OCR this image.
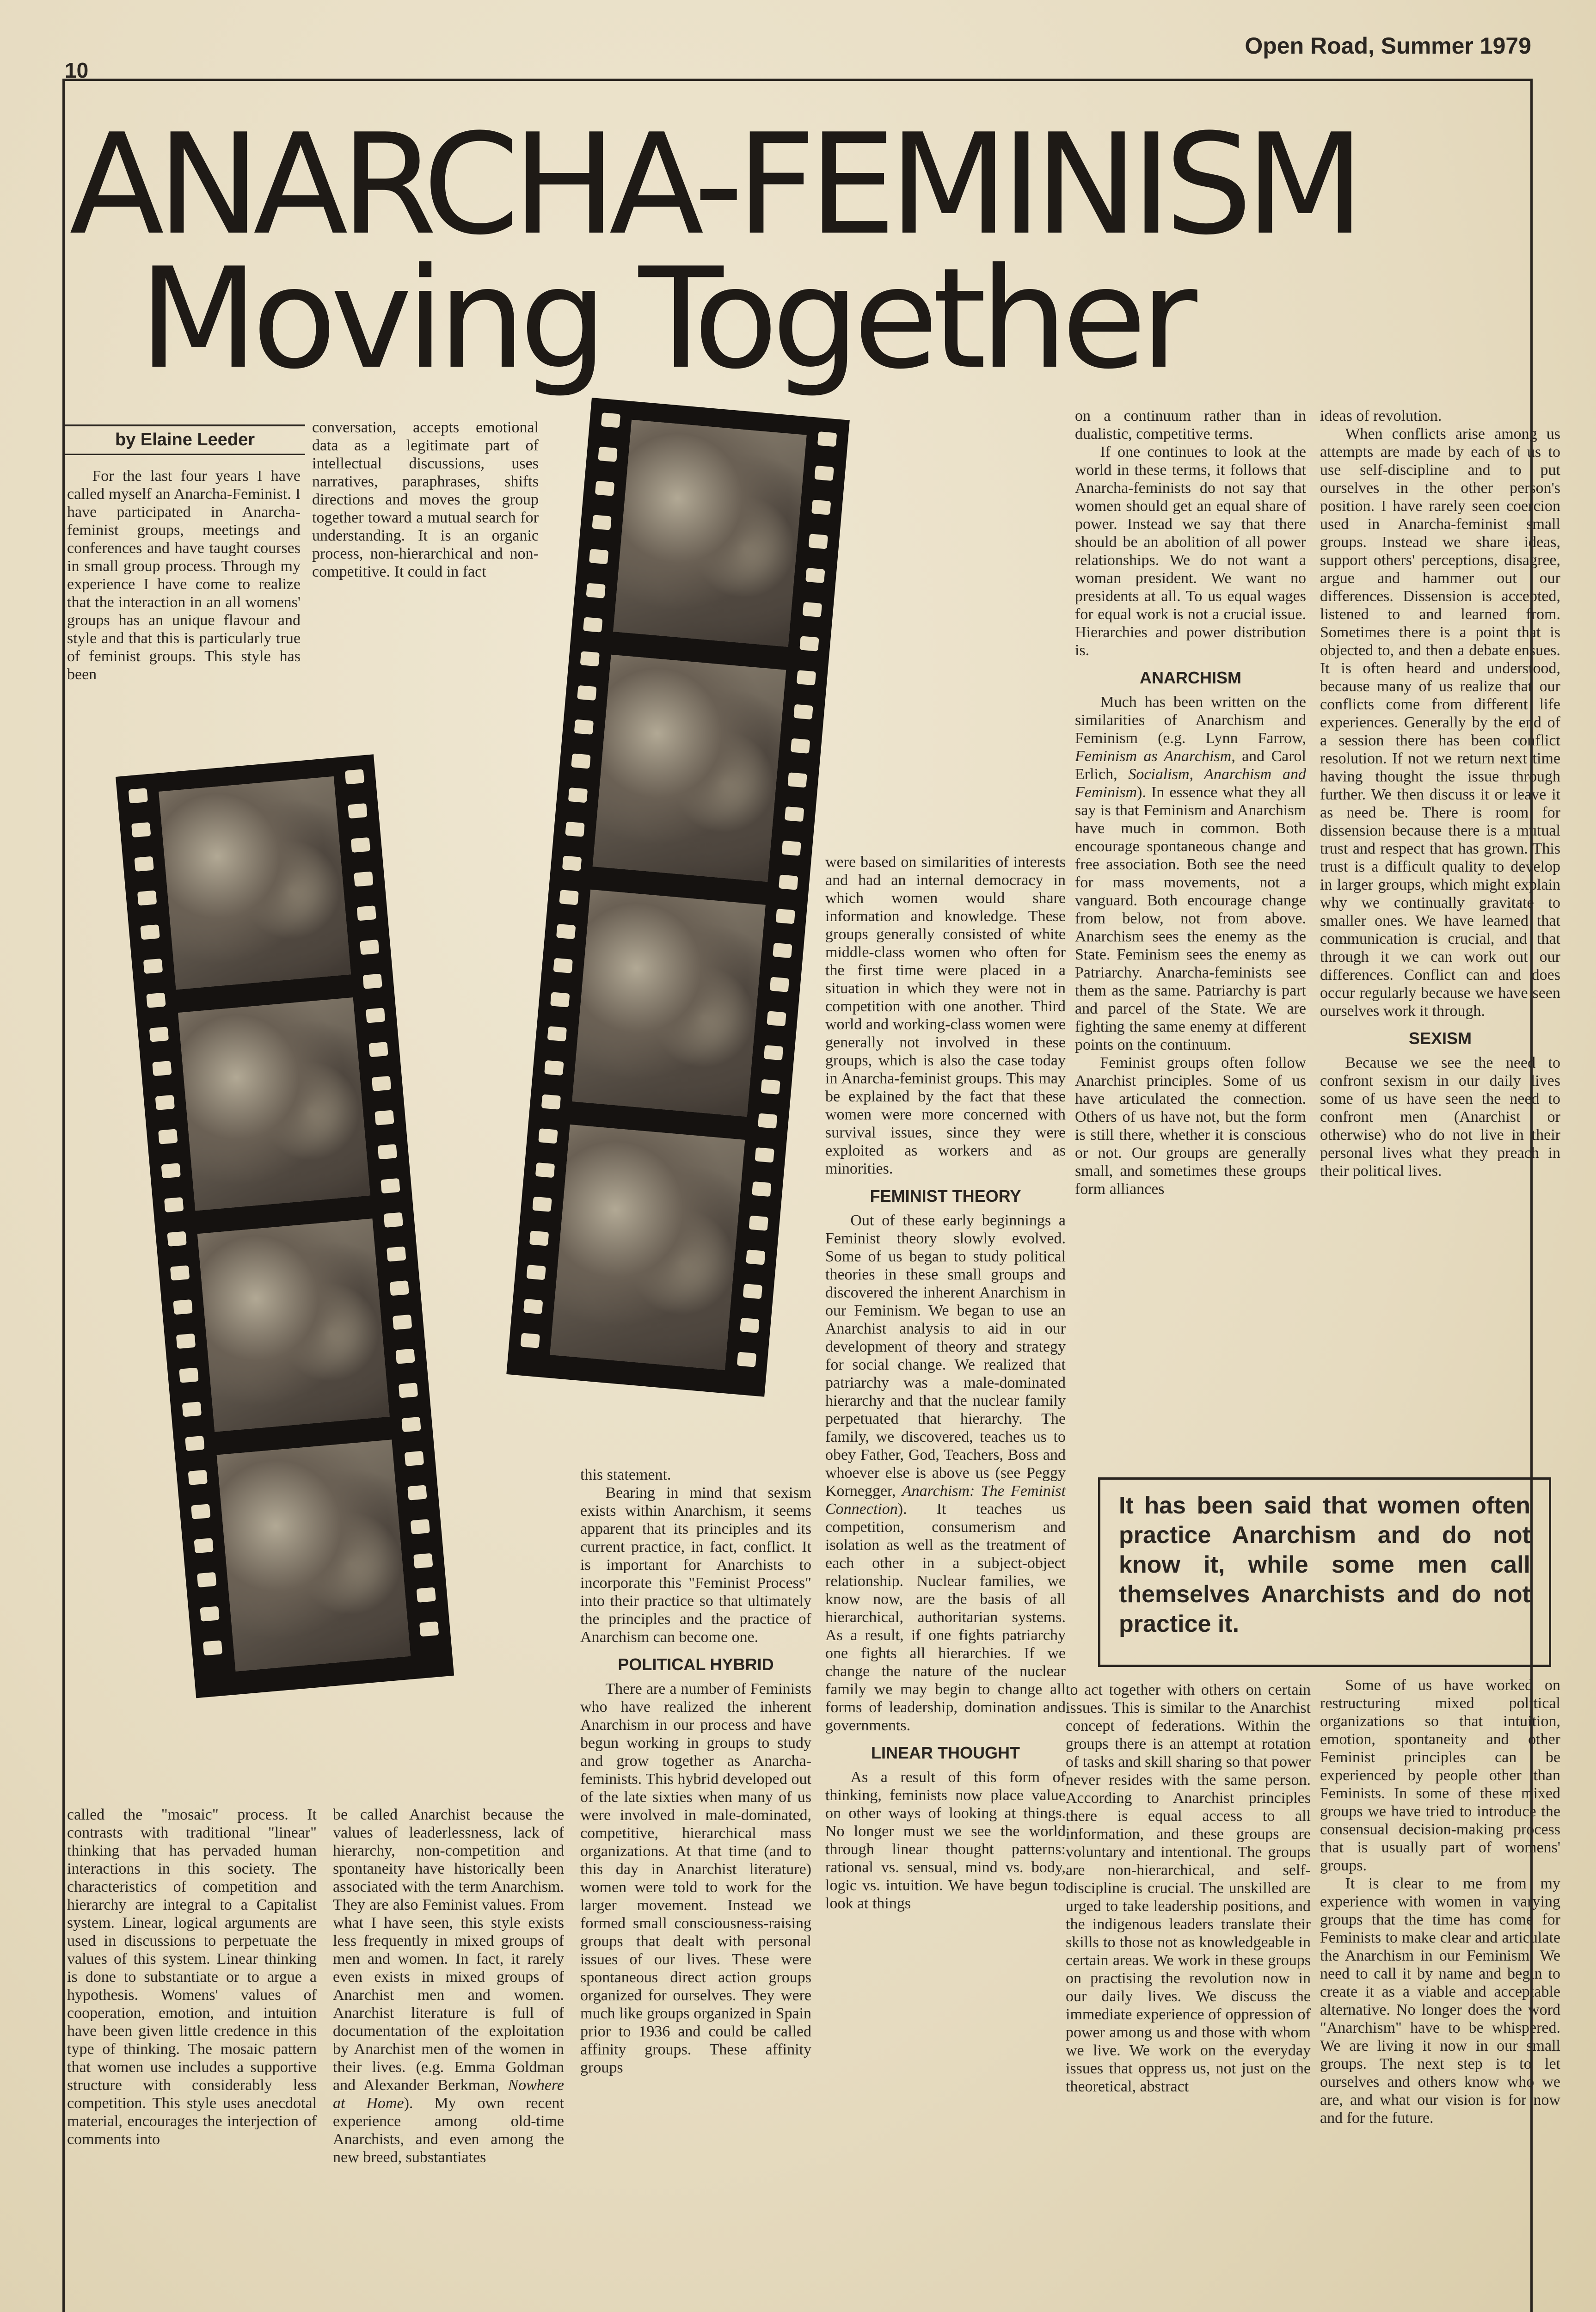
10
Open Road, Summer 1979
ANARCHA-FEMINISM
Moving Together
by Elaine Leeder

For the last four years I have called myself an Anarcha-Feminist. I have participated in Anarcha-feminist groups, meetings and conferences and have taught courses in small group process. Through my experience I have come to realize that the interaction in an all womens' groups has an unique flavour and style and that this is particularly true of feminist groups. This style has been

conversation, accepts emotional data as a legitimate part of intellectual discussions, uses narratives, paraphrases, shifts directions and moves the group together toward a mutual search for understanding. It is an organic process, non-hierarchical and non-competitive. It could in fact

called the "mosaic" process. It contrasts with traditional "linear" thinking that has pervaded human interactions in this society. The characteristics of competition and hierarchy are integral to a Capitalist system. Linear, logical arguments are used in discussions to perpetuate the values of this system. Linear thinking is done to substantiate or to argue a hypothesis. Womens' values of cooperation, emotion, and intuition have been given little credence in this type of thinking. The mosaic pattern that women use includes a supportive structure with considerably less competition. This style uses anecdotal material, encourages the interjection of comments into

be called Anarchist because the values of leaderlessness, lack of hierarchy, non-competition and spontaneity have historically been associated with the term Anarchism. They are also Feminist values. From what I have seen, this style exists less frequently in mixed groups of men and women. In fact, it rarely even exists in mixed groups of Anarchist men and women. Anarchist literature is full of documentation of the exploitation by Anarchist men of the women in their lives. (e.g. Emma Goldman and Alexander Berkman, Nowhere at Home). My own recent experience among old-time Anarchists, and even among the new breed, substantiates

this statement.

Bearing in mind that sexism exists within Anarchism, it seems apparent that its principles and its current practice, in fact, conflict. It is important for Anarchists to incorporate this "Feminist Process" into their practice so that ultimately the principles and the practice of Anarchism can become one.

POLITICAL HYBRID

There are a number of Feminists who have realized the inherent Anarchism in our process and have begun working in groups to study and grow together as Anarcha-feminists. This hybrid developed out of the late sixties when many of us were involved in male-dominated, competitive, hierarchical mass organizations. At that time (and to this day in Anarchist literature) women were told to work for the larger movement. Instead we formed small consciousness-raising groups that dealt with personal issues of our lives. These were spontaneous direct action groups organized for ourselves. They were much like groups organized in Spain prior to 1936 and could be called affinity groups. These affinity groups

were based on similarities of interests and had an internal democracy in which women would share information and knowledge. These groups generally consisted of white middle-class women who often for the first time were placed in a situation in which they were not in competition with one another. Third world and working-class women were generally not involved in these groups, which is also the case today in Anarcha-feminist groups. This may be explained by the fact that these women were more concerned with survival issues, since they were exploited as workers and as minorities.

FEMINIST THEORY

Out of these early beginnings a Feminist theory slowly evolved. Some of us began to study political theories in these small groups and discovered the inherent Anarchism in our Feminism. We began to use an Anarchist analysis to aid in our development of theory and strategy for social change. We realized that patriarchy was a male-dominated hierarchy and that the nuclear family perpetuated that hierarchy. The family, we discovered, teaches us to obey Father, God, Teachers, Boss and whoever else is above us (see Peggy Kornegger, Anarchism: The Feminist Connection). It teaches us competition, consumerism and isolation as well as the treatment of each other in a subject-object relationship. Nuclear families, we know now, are the basis of all hierarchical, authoritarian systems. As a result, if one fights patriarchy one fights all hierarchies. If we change the nature of the nuclear family we may begin to change all forms of leadership, domination and governments.

LINEAR THOUGHT

As a result of this form of thinking, feminists now place value on other ways of looking at things. No longer must we see the world through linear thought patterns: rational vs. sensual, mind vs. body, logic vs. intuition. We have begun to look at things

on a continuum rather than in dualistic, competitive terms.

If one continues to look at the world in these terms, it follows that Anarcha-feminists do not say that women should get an equal share of power. Instead we say that there should be an abolition of all power relationships. We do not want a woman president. We want no presidents at all. To us equal wages for equal work is not a crucial issue. Hierarchies and power distribution is.

ANARCHISM

Much has been written on the similarities of Anarchism and Feminism (e.g. Lynn Farrow, Feminism as Anarchism, and Carol Erlich, Socialism, Anarchism and Feminism). In essence what they all say is that Feminism and Anarchism have much in common. Both encourage spontaneous change and free association. Both see the need for mass movements, not a vanguard. Both encourage change from below, not from above. Anarchism sees the enemy as the State. Feminism sees the enemy as Patriarchy. Anarcha-feminists see them as the same. Patriarchy is part and parcel of the State. We are fighting the same enemy at different points on the continuum.

Feminist groups often follow Anarchist principles. Some of us have articulated the connection. Others of us have not, but the form is still there, whether it is conscious or not. Our groups are generally small, and sometimes these groups form alliances

ideas of revolution.

When conflicts arise among us attempts are made by each of us to use self-discipline and to put ourselves in the other person's position. I have rarely seen coercion used in Anarcha-feminist small groups. Instead we share ideas, support others' perceptions, disagree, argue and hammer out our differences. Dissension is accepted, listened to and learned from. Sometimes there is a point that is objected to, and then a debate ensues. It is often heard and understood, because many of us realize that our conflicts come from different life experiences. Generally by the end of a session there has been conflict resolution. If not we return next time having thought the issue through further. We then discuss it or leave it as need be. There is room for dissension because there is a mutual trust and respect that has grown. This trust is a difficult quality to develop in larger groups, which might explain why we continually gravitate to smaller ones. We have learned that communication is crucial, and that through it we can work out our differences. Conflict can and does occur regularly because we have seen ourselves work it through.

SEXISM

Because we see the need to confront sexism in our daily lives some of us have seen the need to confront men (Anarchist or otherwise) who do not live in their personal lives what they preach in their political lives.

It has been said that women often practice Anarchism and do not know it, while some men call themselves Anarchists and do not practice it.

to act together with others on certain issues. This is similar to the Anarchist concept of federations. Within the groups there is an attempt at rotation of tasks and skill sharing so that power never resides with the same person. According to Anarchist principles there is equal access to all information, and these groups are voluntary and intentional. The groups are non-hierarchical, and self-discipline is crucial. The unskilled are urged to take leadership positions, and the indigenous leaders translate their skills to those not as knowledgeable in certain areas. We work in these groups on practising the revolution now in our daily lives. We discuss the immediate experience of oppression of power among us and those with whom we live. We work on the everyday issues that oppress us, not just on the theoretical, abstract

Some of us have worked on restructuring mixed political organizations so that intuition, emotion, spontaneity and other Feminist principles can be experienced by people other than Feminists. In some of these mixed groups we have tried to introduce the consensual decision-making process that is usually part of womens' groups.

It is clear to me from my experience with women in varying groups that the time has come for Feminists to make clear and articulate the Anarchism in our Feminism. We need to call it by name and begin to create it as a viable and acceptable alternative. No longer does the word "Anarchism" have to be whispered. We are living it now in our small groups. The next step is to let ourselves and others know who we are, and what our vision is for now and for the future.
